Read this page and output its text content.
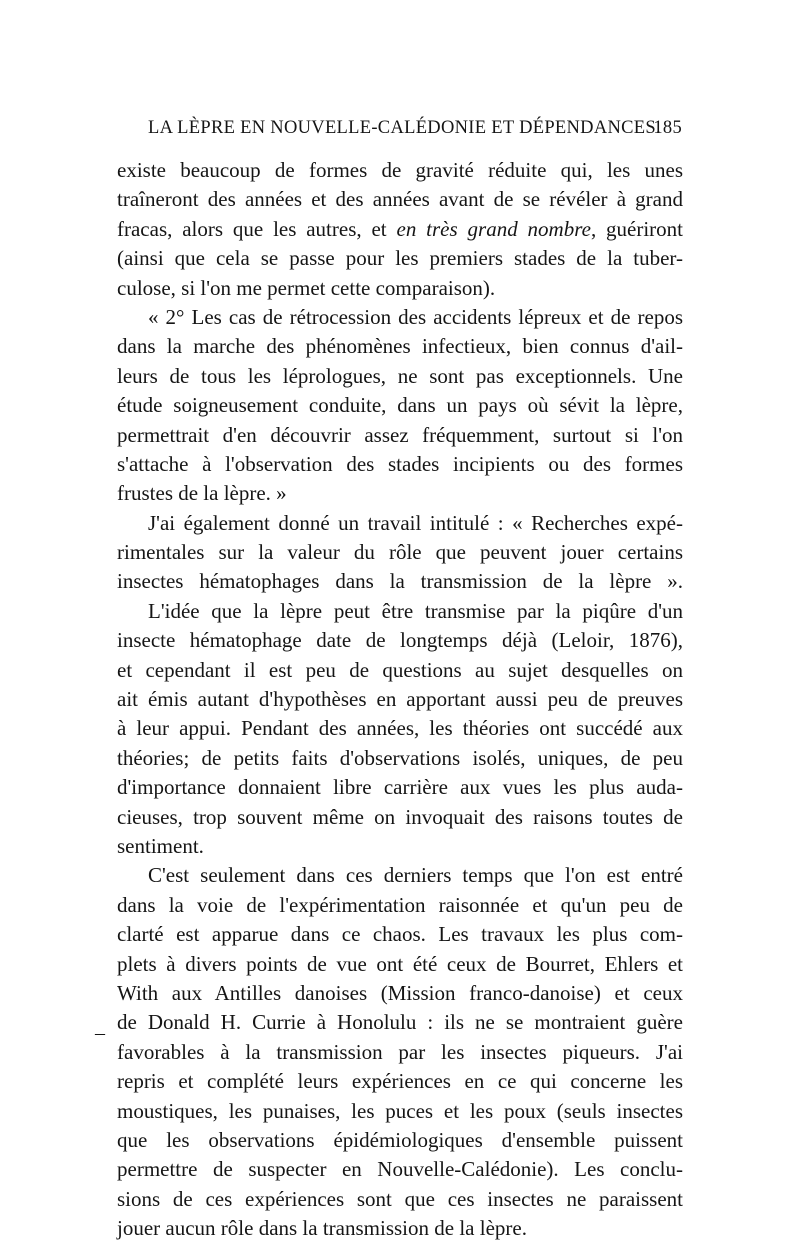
LA LÈPRE EN NOUVELLE-CALÉDONIE ET DÉPENDANCES.
185
–
existe beaucoup de formes de gravité réduite qui, les unes
traîneront des années et des années avant de se révéler à grand
fracas, alors que les autres, et en très grand nombre, guériront
(ainsi que cela se passe pour les premiers stades de la tuber-
culose, si l'on me permet cette comparaison).
« 2° Les cas de rétrocession des accidents lépreux et de repos
dans la marche des phénomènes infectieux, bien connus d'ail-
leurs de tous les léprologues, ne sont pas exceptionnels. Une
étude soigneusement conduite, dans un pays où sévit la lèpre,
permettrait d'en découvrir assez fréquemment, surtout si l'on
s'attache à l'observation des stades incipients ou des formes
frustes de la lèpre. »
J'ai également donné un travail intitulé : « Recherches expé-
rimentales sur la valeur du rôle que peuvent jouer certains
insectes hématophages dans la transmission de la lèpre ».
L'idée que la lèpre peut être transmise par la piqûre d'un
insecte hématophage date de longtemps déjà (Leloir, 1876),
et cependant il est peu de questions au sujet desquelles on
ait émis autant d'hypothèses en apportant aussi peu de preuves
à leur appui. Pendant des années, les théories ont succédé aux
théories; de petits faits d'observations isolés, uniques, de peu
d'importance donnaient libre carrière aux vues les plus auda-
cieuses, trop souvent même on invoquait des raisons toutes de
sentiment.
C'est seulement dans ces derniers temps que l'on est entré
dans la voie de l'expérimentation raisonnée et qu'un peu de
clarté est apparue dans ce chaos. Les travaux les plus com-
plets à divers points de vue ont été ceux de Bourret, Ehlers et
With aux Antilles danoises (Mission franco-danoise) et ceux
de Donald H. Currie à Honolulu : ils ne se montraient guère
favorables à la transmission par les insectes piqueurs. J'ai
repris et complété leurs expériences en ce qui concerne les
moustiques, les punaises, les puces et les poux (seuls insectes
que les observations épidémiologiques d'ensemble puissent
permettre de suspecter en Nouvelle-Calédonie). Les conclu-
sions de ces expériences sont que ces insectes ne paraissent
jouer aucun rôle dans la transmission de la lèpre.
